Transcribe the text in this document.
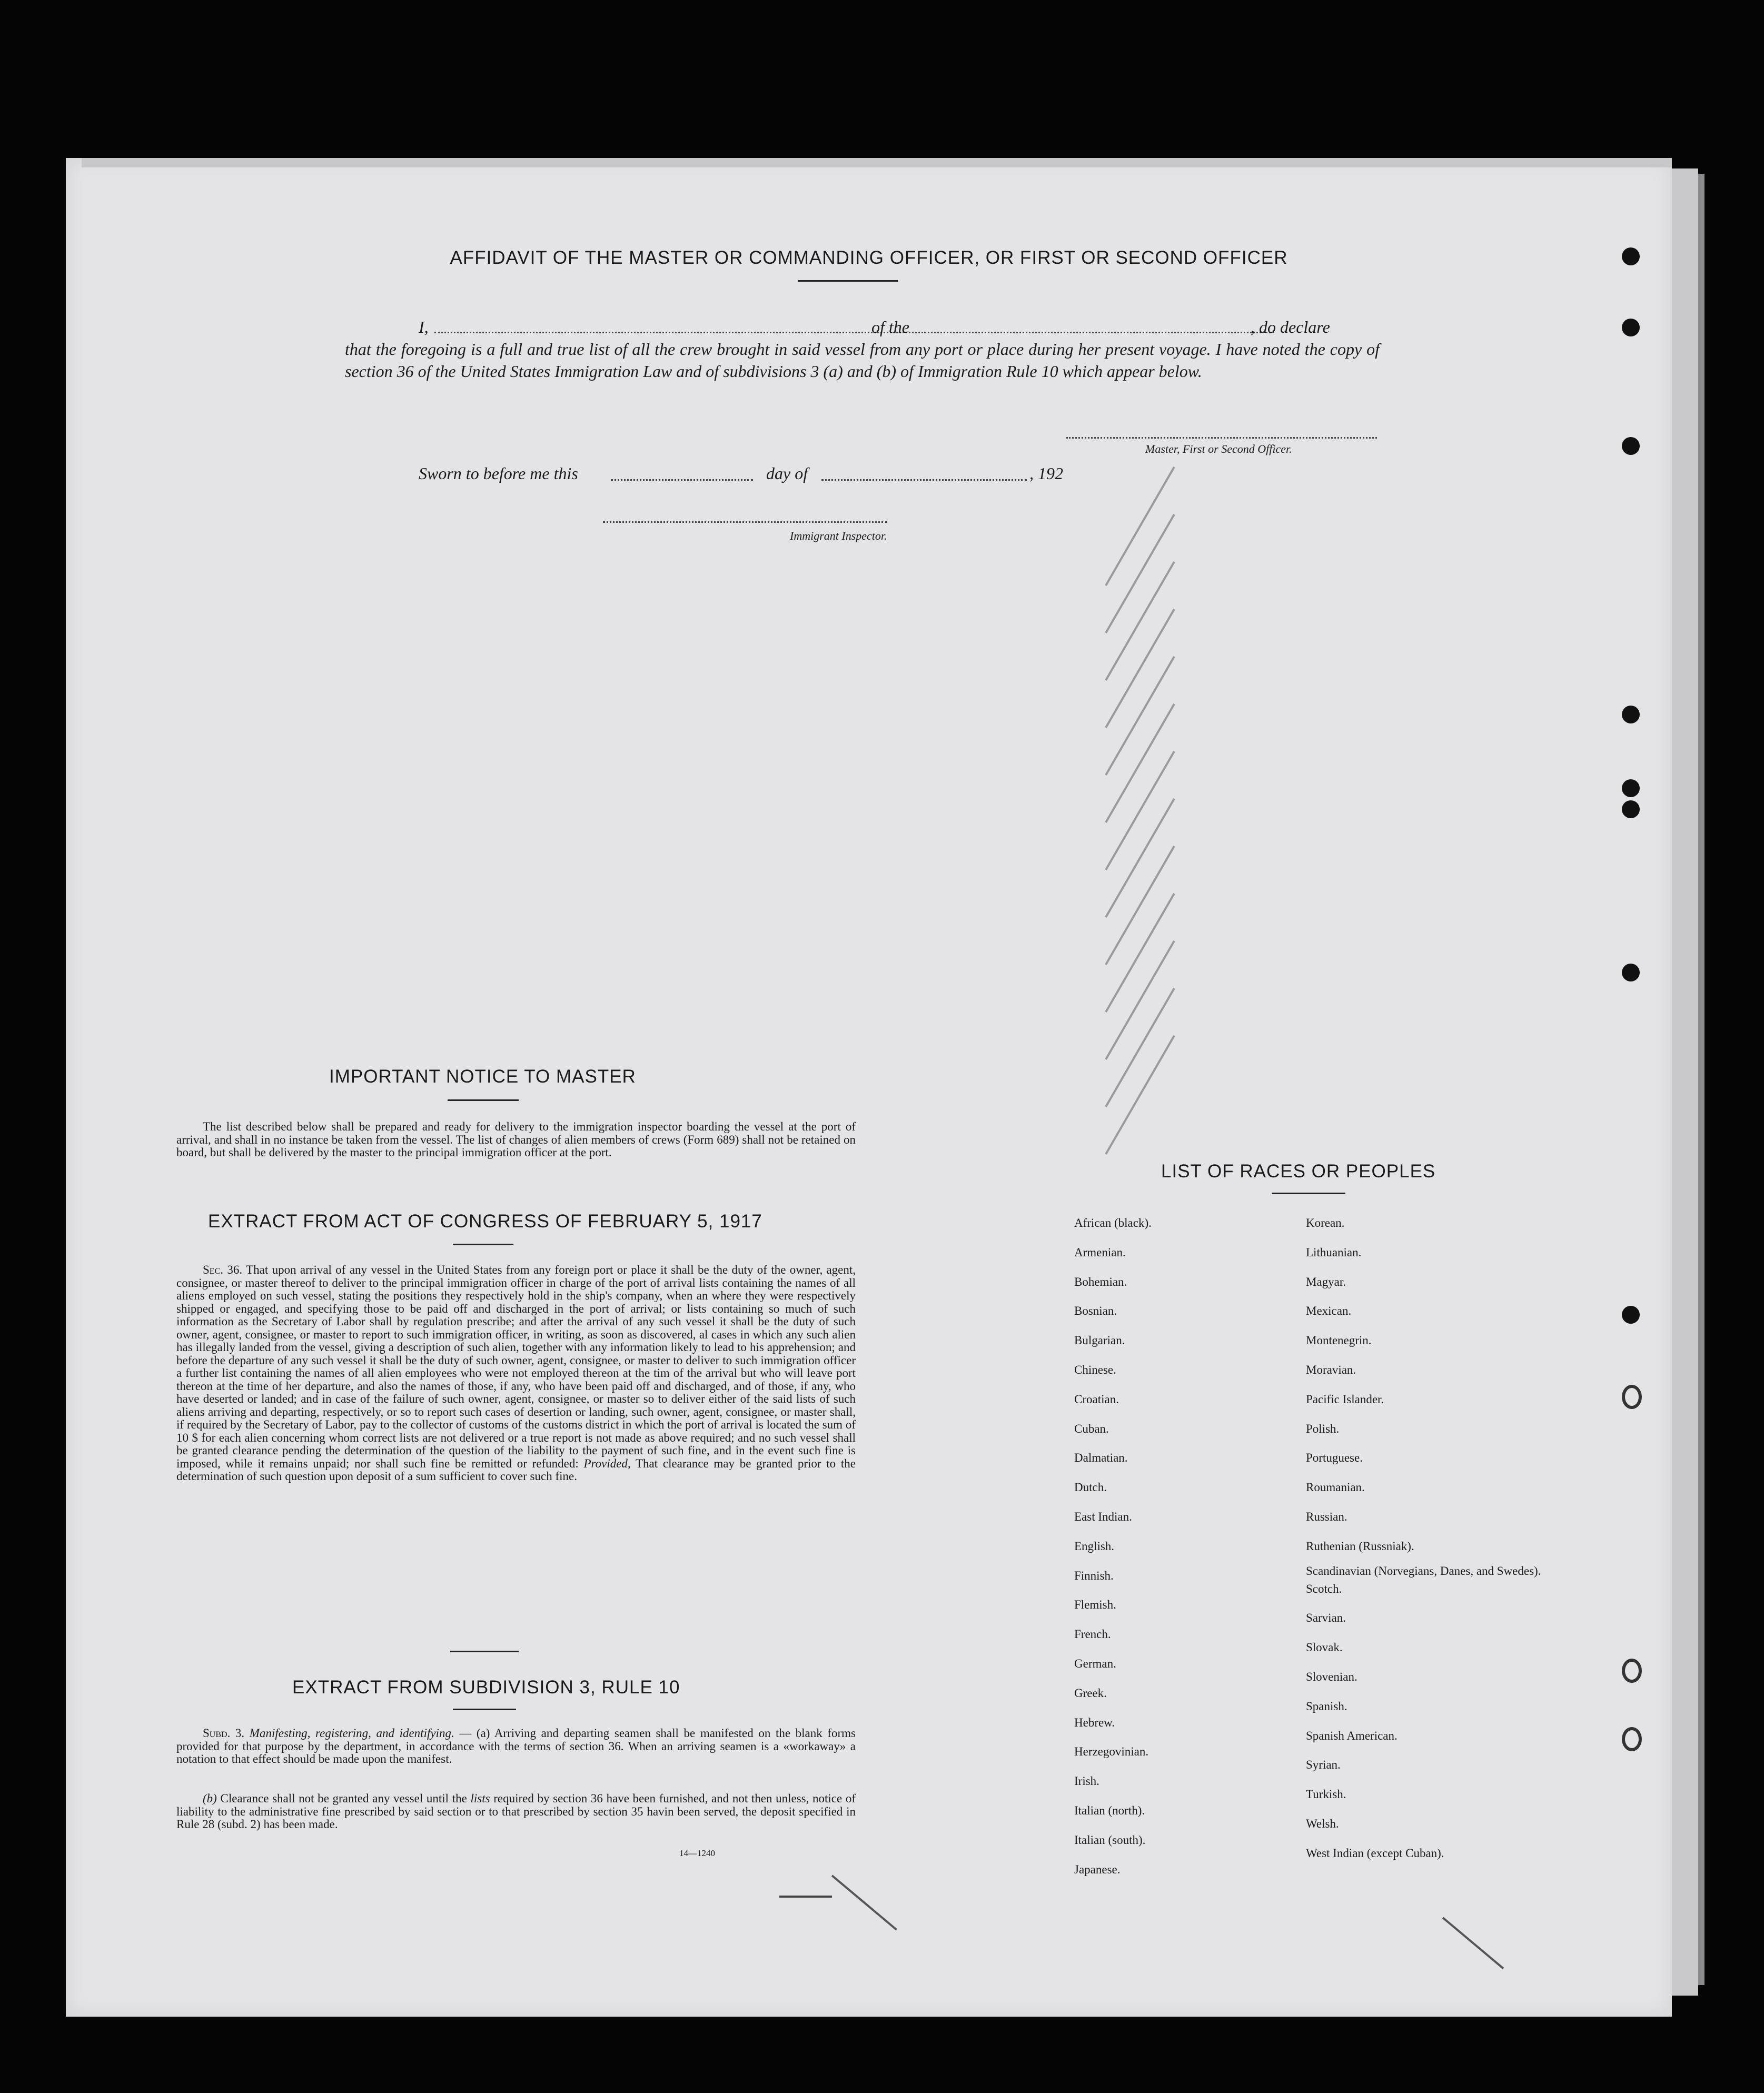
AFFIDAVIT OF THE MASTER OR COMMANDING OFFICER, OR FIRST OR SECOND OFFICER
I,	of the	, do declare
that the foregoing is a full and true list of all the crew brought in said vessel from any port or place during her present voyage. I have noted the copy of section 36 of the United States Immigration Law and of subdivisions 3 (a) and (b) of Immigration Rule 10 which appear below.
Master, First or Second Officer.
Sworn to before me this	day of	, 192
Immigrant Inspector.
IMPORTANT NOTICE TO MASTER
The list described below shall be prepared and ready for delivery to the immigration inspector boarding the vessel at the port of arrival, and shall in no instance be taken from the vessel. The list of changes of alien members of crews (Form 689) shall not be retained on board, but shall be delivered by the master to the principal immigration officer at the port.
EXTRACT FROM ACT OF CONGRESS OF FEBRUARY 5, 1917
Sec. 36. That upon arrival of any vessel in the United States from any foreign port or place it shall be the duty of the owner, agent, consignee, or master thereof to deliver to the principal immigration officer in charge of the port of arrival lists containing the names of all aliens employed on such vessel, stating the positions they respectively hold in the ship's company, when an where they were respectively shipped or engaged, and specifying those to be paid off and discharged in the port of arrival; or lists containing so much of such information as the Secretary of Labor shall by regulation prescribe; and after the arrival of any such vessel it shall be the duty of such owner, agent, consignee, or master to report to such immigration officer, in writing, as soon as discovered, al cases in which any such alien has illegally landed from the vessel, giving a description of such alien, together with any information likely to lead to his apprehension; and before the departure of any such vessel it shall be the duty of such owner, agent, consignee, or master to deliver to such immigration officer a further list containing the names of all alien employees who were not employed thereon at the tim of the arrival but who will leave port thereon at the time of her departure, and also the names of those, if any, who have been paid off and discharged, and of those, if any, who have deserted or landed; and in case of the failure of such owner, agent, consignee, or master so to deliver either of the said lists of such aliens arriving and departing, respectively, or so to report such cases of desertion or landing, such owner, agent, consignee, or master shall, if required by the Secretary of Labor, pay to the collector of customs of the customs district in which the port of arrival is located the sum of 10 $ for each alien concerning whom correct lists are not delivered or a true report is not made as above required; and no such vessel shall be granted clearance pending the determination of the question of the liability to the payment of such fine, and in the event such fine is imposed, while it remains unpaid; nor shall such fine be remitted or refunded: Provided, That clearance may be granted prior to the determination of such question upon deposit of a sum sufficient to cover such fine.
EXTRACT FROM SUBDIVISION 3, RULE 10
Subd. 3. Manifesting, registering, and identifying. — (a) Arriving and departing seamen shall be manifested on the blank forms provided for that purpose by the department, in accordance with the terms of section 36. When an arriving seamen is a «workaway» a notation to that effect should be made upon the manifest.
(b) Clearance shall not be granted any vessel until the lists required by section 36 have been furnished, and not then unless, notice of liability to the administrative fine prescribed by said section or to that prescribed by section 35 havin been served, the deposit specified in Rule 28 (subd. 2) has been made.
14—1240
LIST OF RACES OR PEOPLES
African (black).
Armenian.
Bohemian.
Bosnian.
Bulgarian.
Chinese.
Croatian.
Cuban.
Dalmatian.
Dutch.
East Indian.
English.
Finnish.
Flemish.
French.
German.
Greek.
Hebrew.
Herzegovinian.
Irish.
Italian (north).
Italian (south).
Japanese.
Korean.
Lithuanian.
Magyar.
Mexican.
Montenegrin.
Moravian.
Pacific Islander.
Polish.
Portuguese.
Roumanian.
Russian.
Ruthenian (Russniak).
Scandinavian (Norvegians, Danes, and Swedes).
Scotch.
Sarvian.
Slovak.
Slovenian.
Spanish.
Spanish American.
Syrian.
Turkish.
Welsh.
West Indian (except Cuban).
